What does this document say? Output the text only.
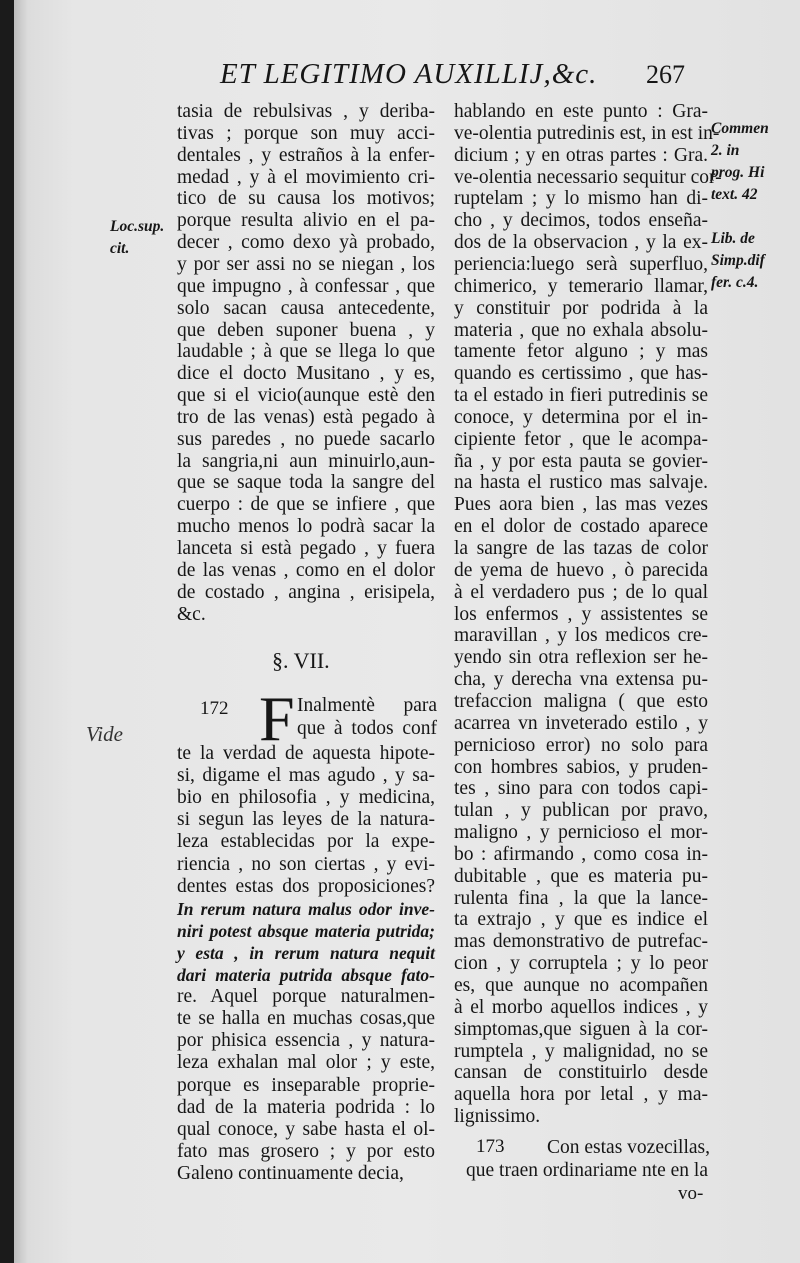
ET LEGITIMO AUXILLIJ,&c. 267
tasia de rebulsivas , y deriba-
tivas ; porque son muy acci-
dentales , y estraños à la enfer-
medad , y à el movimiento cri-
tico de su causa los motivos;
porque resulta alivio en el pa-
decer , como dexo yà probado,
y por ser assi no se niegan , los
que impugno , à confessar , que
solo sacan causa antecedente,
que deben suponer buena , y
laudable ; à que se llega lo que
dice el docto Musitano , y es,
que si el vicio(aunque estè den
tro de las venas) està pegado à
sus paredes , no puede sacarlo
la sangria,ni aun minuirlo,aun-
que se saque toda la sangre del
cuerpo : de que se infiere , que
mucho menos lo podrà sacar la
lanceta si està pegado , y fuera
de las venas , como en el dolor
de costado , angina , erisipela,
&c.
§. VII.
172 F Inalmentè para
que à todos conf
te la verdad de aquesta hipote-
si, digame el mas agudo , y sa-
bio en philosofia , y medicina,
si segun las leyes de la natura-
leza establecidas por la expe-
riencia , no son ciertas , y evi-
dentes estas dos proposiciones?
In rerum natura malus odor inve-
niri potest absque materia putrida;
y esta , in rerum natura nequit
dari materia putrida absque fato-
re. Aquel porque naturalmen-
te se halla en muchas cosas,que
por phisica essencia , y natura-
leza exhalan mal olor ; y este,
porque es inseparable proprie-
dad de la materia podrida : lo
qual conoce, y sabe hasta el ol-
fato mas grosero ; y por esto
Galeno continuamente decia,
hablando en este punto : Gra-
ve-olentia putredinis est, in est in-
dicium ; y en otras partes : Gra.
ve-olentia necessario sequitur cor-
ruptelam ; y lo mismo han di-
cho , y decimos, todos enseña-
dos de la observacion , y la ex-
periencia:luego serà superfluo,
chimerico, y temerario llamar,
y constituir por podrida à la
materia , que no exhala absolu-
tamente fetor alguno ; y mas
quando es certissimo , que has-
ta el estado in fieri putredinis se
conoce, y determina por el in-
cipiente fetor , que le acompa-
ña , y por esta pauta se govier-
na hasta el rustico mas salvaje.
Pues aora bien , las mas vezes
en el dolor de costado aparece
la sangre de las tazas de color
de yema de huevo , ò parecida
à el verdadero pus ; de lo qual
los enfermos , y assistentes se
maravillan , y los medicos cre-
yendo sin otra reflexion ser he-
cha, y derecha vna extensa pu-
trefaccion maligna ( que esto
acarrea vn inveterado estilo , y
pernicioso error) no solo para
con hombres sabios, y pruden-
tes , sino para con todos capi-
tulan , y publican por pravo,
maligno , y pernicioso el mor-
bo : afirmando , como cosa in-
dubitable , que es materia pu-
rulenta fina , la que la lance-
ta extrajo , y que es indice el
mas demonstrativo de putrefac-
cion , y corruptela ; y lo peor
es, que aunque no acompañen
à el morbo aquellos indices , y
simptomas,que siguen à la cor-
rumptela , y malignidad, no se
cansan de constituirlo desde
aquella hora por letal , y ma-
lignissimo.
173 Con estas vozecillas,
que traen ordinariame nte en la
vo-
Loc.sup.
cit.
Commen
2. in
prog. Hi
text. 42
Lib. de
Simp.dif
fer. c.4.
Vide
